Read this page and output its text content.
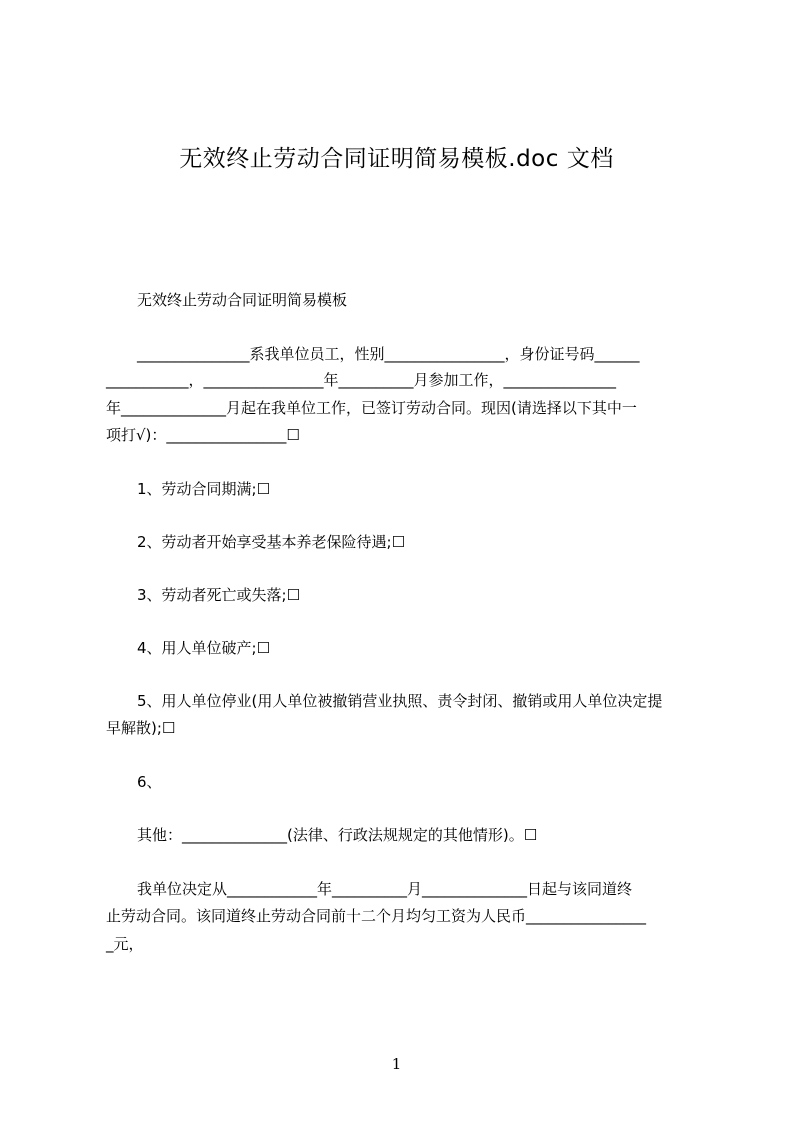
无效终止劳动合同证明简易模板.doc 文档
无效终止劳动合同证明简易模板
_______________系我单位员工，性别________________，身份证号码______
___________，________________年__________月参加工作，_______________
年______________月起在我单位工作，已签订劳动合同。现因(请选择以下其中一
项打√)：________________☐
1、劳动合同期满;☐
2、劳动者开始享受基本养老保险待遇;☐
3、劳动者死亡或失落;☐
4、用人单位破产;☐
5、用人单位停业(用人单位被撤销营业执照、责令封闭、撤销或用人单位决定提
早解散);☐
6、
其他：______________(法律、行政法规规定的其他情形)。☐
我单位决定从____________年__________月______________日起与该同道终
止劳动合同。该同道终止劳动合同前十二个月均匀工资为人民币________________
_元，
1
